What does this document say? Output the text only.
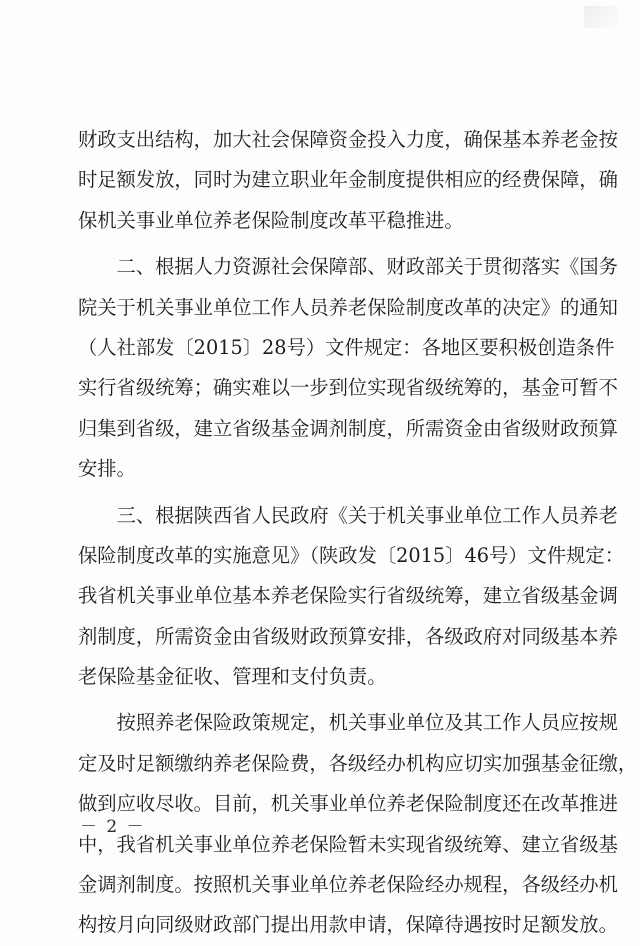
财政支出结构，加大社会保障资金投入力度，确保基本养老金按
时足额发放，同时为建立职业年金制度提供相应的经费保障，确
保机关事业单位养老保险制度改革平稳推进。
　　二、根据人力资源社会保障部、财政部关于贯彻落实《国务
院关于机关事业单位工作人员养老保险制度改革的决定》的通知
（人社部发〔2015〕28号）文件规定：各地区要积极创造条件
实行省级统筹；确实难以一步到位实现省级统筹的，基金可暂不
归集到省级，建立省级基金调剂制度，所需资金由省级财政预算
安排。
　　三、根据陕西省人民政府《关于机关事业单位工作人员养老
保险制度改革的实施意见》（陕政发〔2015〕46号）文件规定：
我省机关事业单位基本养老保险实行省级统筹，建立省级基金调
剂制度，所需资金由省级财政预算安排，各级政府对同级基本养
老保险基金征收、管理和支付负责。
　　按照养老保险政策规定，机关事业单位及其工作人员应按规
定及时足额缴纳养老保险费，各级经办机构应切实加强基金征缴，
做到应收尽收。目前，机关事业单位养老保险制度还在改革推进
中，我省机关事业单位养老保险暂未实现省级统筹、建立省级基
金调剂制度。按照机关事业单位养老保险经办规程，各级经办机
构按月向同级财政部门提出用款申请，保障待遇按时足额发放。
－ 2 －
